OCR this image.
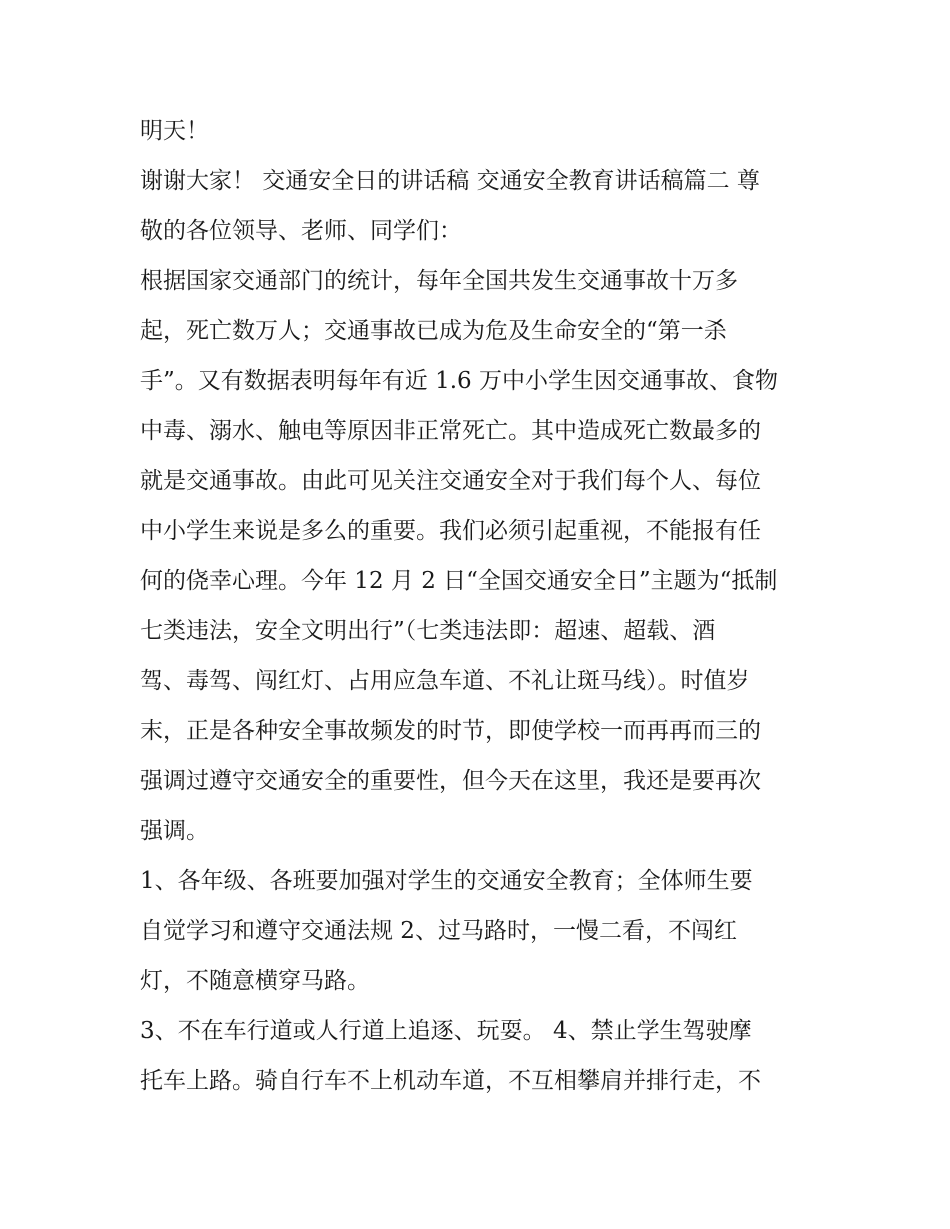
明天！

谢谢大家！ 交通安全日的讲话稿 交通安全教育讲话稿篇二 尊

敬的各位领导、老师、同学们：

根据国家交通部门的统计，每年全国共发生交通事故十万多

起，死亡数万人；交通事故已成为危及生命安全的“第一杀

手”。又有数据表明每年有近 1.6 万中小学生因交通事故、食物

中毒、溺水、触电等原因非正常死亡。其中造成死亡数最多的

就是交通事故。由此可见关注交通安全对于我们每个人、每位

中小学生来说是多么的重要。我们必须引起重视，不能报有任

何的侥幸心理。今年 12 月 2 日“全国交通安全日”主题为“抵制

七类违法，安全文明出行”（七类违法即：超速、超载、酒

驾、毒驾、闯红灯、占用应急车道、不礼让斑马线）。时值岁

末，正是各种安全事故频发的时节，即使学校一而再再而三的

强调过遵守交通安全的重要性，但今天在这里，我还是要再次

强调。

1、各年级、各班要加强对学生的交通安全教育；全体师生要

自觉学习和遵守交通法规 2、过马路时，一慢二看，不闯红

灯，不随意横穿马路。

3、不在车行道或人行道上追逐、玩耍。 4、禁止学生驾驶摩

托车上路。骑自行车不上机动车道，不互相攀肩并排行走，不
